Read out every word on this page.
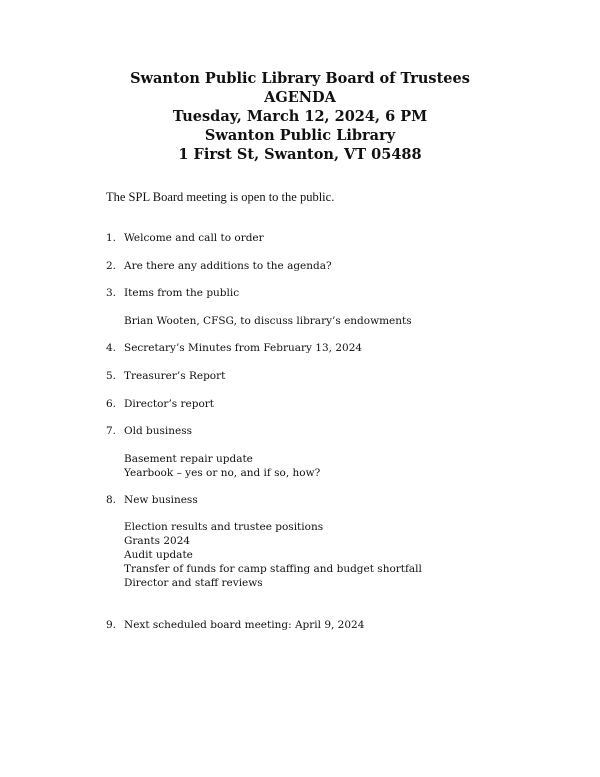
Swanton Public Library Board of Trustees
AGENDA
Tuesday, March 12, 2024, 6 PM
Swanton Public Library
1 First St, Swanton, VT 05488
The SPL Board meeting is open to the public.
1. Welcome and call to order
2. Are there any additions to the agenda?
3. Items from the public
Brian Wooten, CFSG, to discuss library’s endowments
4. Secretary’s Minutes from February 13, 2024
5. Treasurer’s Report
6. Director’s report
7. Old business
Basement repair update
Yearbook – yes or no, and if so, how?
8. New business
Election results and trustee positions
Grants 2024
Audit update
Transfer of funds for camp staffing and budget shortfall
Director and staff reviews
9. Next scheduled board meeting: April 9, 2024
